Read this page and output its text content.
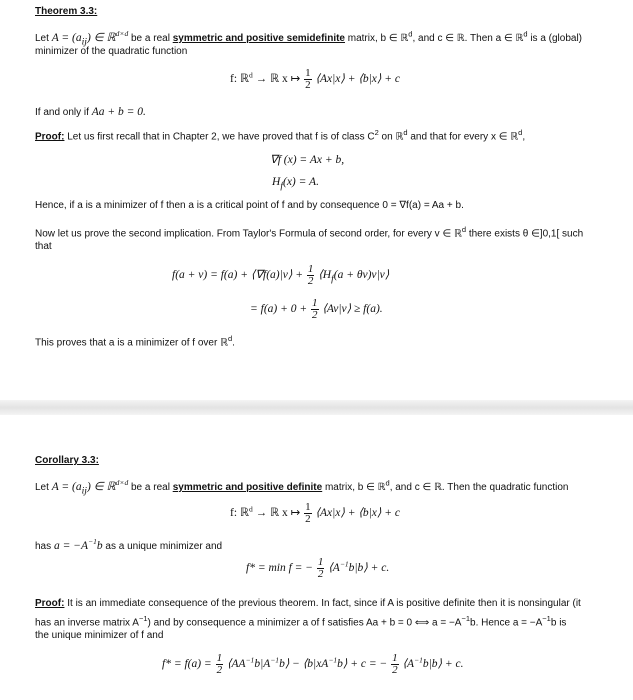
Theorem 3.3:
Let $A = (a_{ij})$ ∈ ℝ$^{d\times d}$ be a real symmetric and positive semidefinite matrix, b ∈ ℝ$^d$, and c ∈ ℝ. Then a ∈ ℝ$^d$ is a (global)
minimizer of the quadratic function
f: ℝ$^d$ → ℝ x ↦ $\frac{1}{2}$ ⟨Ax|x⟩ + ⟨b|x⟩ + c
If and only if Aa + b = 0.
Proof: Let us first recall that in Chapter 2, we have proved that f is of class $C^2$ on ℝ$^d$ and that for every x ∈ ℝ$^d$,
∇f (x) = Ax + b,
$H_f(x) = A$.
Hence, if a is a minimizer of f then a is a critical point of f and by consequence 0 = ∇f(a) = Aa + b.
Now let us prove the second implication. From Taylor's Formula of second order, for every v ∈ ℝ$^d$ there exists θ ∈]0,1[ such
that
f(a + v) = f(a) + ⟨∇f(a)|v⟩ + $\frac{1}{2}$ $⟨H_f(a$ + θv)v|v⟩
= $f(a) + 0 + \frac{1}{2}$ ⟨Av|v⟩ ≥ f(a).
This proves that a is a minimizer of f over ℝ$^d$.
Corollary 3.3:
Let $A = (a_{ij})$ ∈ ℝ$^{d\times d}$ be a real symmetric and positive definite matrix, b ∈ ℝ$^d$, and c ∈ ℝ. Then the quadratic function
f: ℝ$^d$ → ℝ x ↦ $\frac{1}{2}$ ⟨Ax|x⟩ + ⟨b|x⟩ + c
has $a = -A^{-1}b$ as a unique minimizer and
f* = min f = − $\frac{1}{2}$ $⟨A^{-1}b|b⟩ + c$.
Proof: It is an immediate consequence of the previous theorem. In fact, since if A is positive definite then it is nonsingular (it
has an inverse matrix $A^{-1}$) and by consequence a minimizer a of f satisfies Aa + b = 0 ⟺ $a = -A^{-1}b$. Hence $a = -A^{-1}b$ is
the unique minimizer of f and
$f* = f(a) = \frac{1}{2}$ $⟨AA^{-1}b|A^{-1}b⟩$ − $⟨b|xA^{-1}b⟩ + c$ = − $\frac{1}{2}$ $⟨A^{-1}b|b⟩ + c$.
